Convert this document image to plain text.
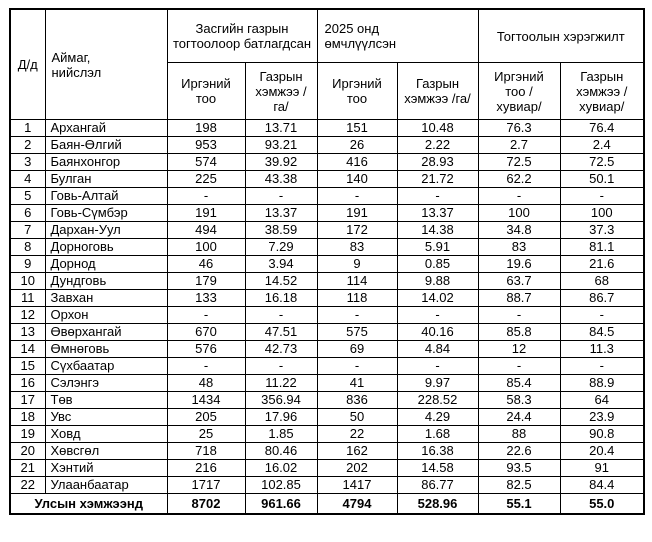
Д/д	Аймаг, нийслэл	Засгийн газрын тогтоолоор батлагдсан		2025 онд өмчлүүлсэн		Тогтоолын хэрэгжилт	
		Иргэний тоо	Газрын хэмжээ /га/	Иргэний тоо	Газрын хэмжээ /га/	Иргэний тоо /хувиар/	Газрын хэмжээ /хувиар/
1	Архангай	198	13.71	151	10.48	76.3	76.4
2	Баян-Өлгий	953	93.21	26	2.22	2.7	2.4
3	Баянхонгор	574	39.92	416	28.93	72.5	72.5
4	Булган	225	43.38	140	21.72	62.2	50.1
5	Говь-Алтай	-	-	-	-	-	-
6	Говь-Сүмбэр	191	13.37	191	13.37	100	100
7	Дархан-Уул	494	38.59	172	14.38	34.8	37.3
8	Дорноговь	100	7.29	83	5.91	83	81.1
9	Дорнод	46	3.94	9	0.85	19.6	21.6
10	Дундговь	179	14.52	114	9.88	63.7	68
11	Завхан	133	16.18	118	14.02	88.7	86.7
12	Орхон	-	-	-	-	-	-
13	Өвөрхангай	670	47.51	575	40.16	85.8	84.5
14	Өмнөговь	576	42.73	69	4.84	12	11.3
15	Сүхбаатар	-	-	-	-	-	-
16	Сэлэнгэ	48	11.22	41	9.97	85.4	88.9
17	Төв	1434	356.94	836	228.52	58.3	64
18	Увс	205	17.96	50	4.29	24.4	23.9
19	Ховд	25	1.85	22	1.68	88	90.8
20	Хөвсгөл	718	80.46	162	16.38	22.6	20.4
21	Хэнтий	216	16.02	202	14.58	93.5	91
22	Улаанбаатар	1717	102.85	1417	86.77	82.5	84.4
Улсын хэмжээнд		8702	961.66	4794	528.96	55.1	55.0
